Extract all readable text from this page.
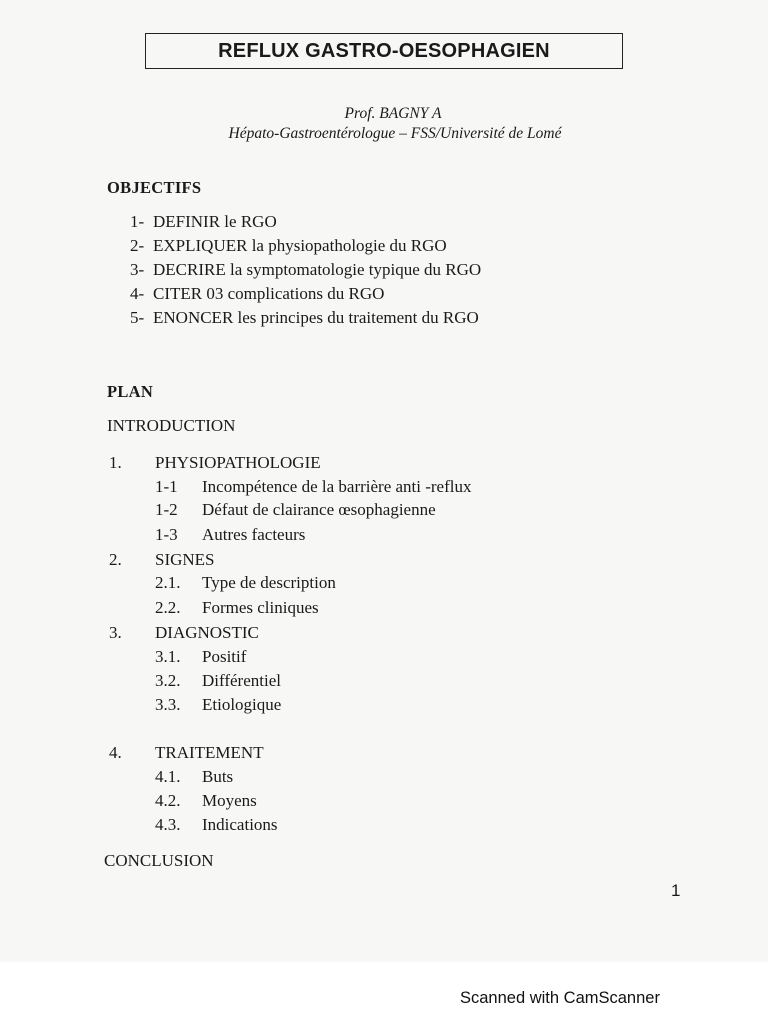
REFLUX GASTRO-OESOPHAGIEN
Prof. BAGNY A
Hépato-Gastroentérologue – FSS/Université de Lomé
OBJECTIFS
1- DEFINIR le RGO
2- EXPLIQUER la physiopathologie du RGO
3- DECRIRE la symptomatologie typique du RGO
4- CITER 03 complications du RGO
5- ENONCER les principes du traitement du RGO
PLAN
INTRODUCTION
1. PHYSIOPATHOLOGIE
1-1 Incompétence de la barrière anti -reflux
1-2 Défaut de clairance œsophagienne
1-3 Autres facteurs
2. SIGNES
2.1. Type de description
2.2. Formes cliniques
3. DIAGNOSTIC
3.1. Positif
3.2. Différentiel
3.3. Etiologique
4. TRAITEMENT
4.1. Buts
4.2. Moyens
4.3. Indications
CONCLUSION
1
Scanned with CamScanner
